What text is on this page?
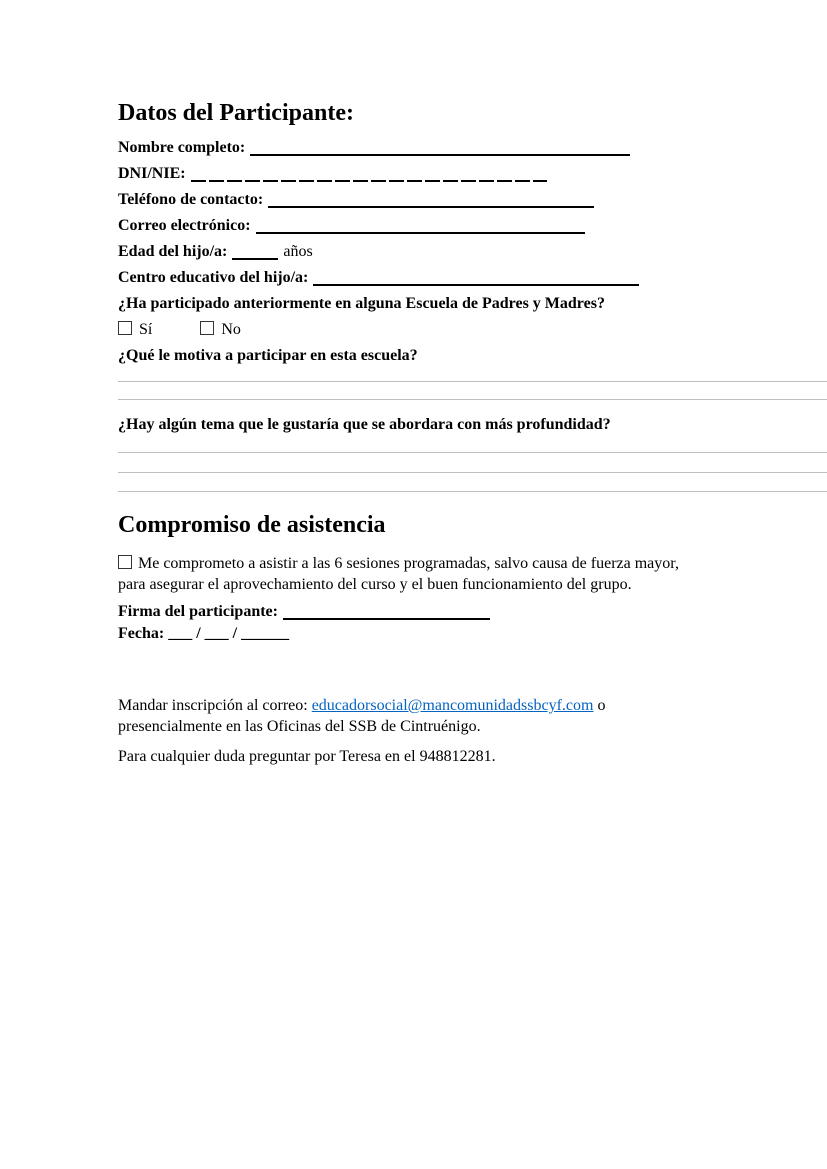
Datos del Participante:
Nombre completo:
DNI/NIE:
Teléfono de contacto:
Correo electrónico:
Edad del hijo/a:	años
Centro educativo del hijo/a:

¿Ha participado anteriormente en alguna Escuela de Padres y Madres?

Sí	No

¿Qué le motiva a participar en esta escuela?

¿Hay algún tema que le gustaría que se abordara con más profundidad?

Compromiso de asistencia

Me comprometo a asistir a las 6 sesiones programadas, salvo causa de fuerza mayor,
para asegurar el aprovechamiento del curso y el buen funcionamiento del grupo.

Firma del participante:
Fecha: ___ / ___ / ______
Mandar inscripción al correo: educadorsocial@mancomunidadssbcyf.com o
presencialmente en las Oficinas del SSB de Cintruénigo.
Para cualquier duda preguntar por Teresa en el 948812281.
